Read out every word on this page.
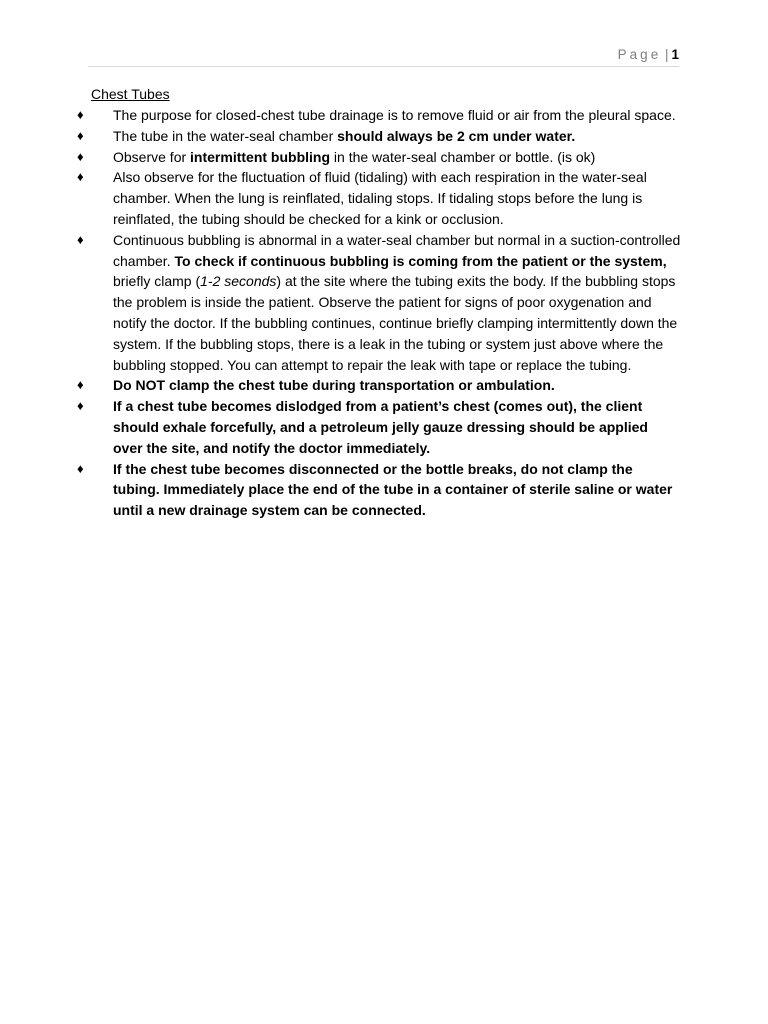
Page | 1
Chest Tubes
♦ The purpose for closed-chest tube drainage is to remove fluid or air from the pleural space.
♦ The tube in the water-seal chamber should always be 2 cm under water.
♦ Observe for intermittent bubbling in the water-seal chamber or bottle. (is ok)
♦ Also observe for the fluctuation of fluid (tidaling) with each respiration in the water-seal chamber. When the lung is reinflated, tidaling stops. If tidaling stops before the lung is reinflated, the tubing should be checked for a kink or occlusion.
♦ Continuous bubbling is abnormal in a water-seal chamber but normal in a suction-controlled chamber. To check if continuous bubbling is coming from the patient or the system, briefly clamp (1-2 seconds) at the site where the tubing exits the body. If the bubbling stops the problem is inside the patient. Observe the patient for signs of poor oxygenation and notify the doctor. If the bubbling continues, continue briefly clamping intermittently down the system. If the bubbling stops, there is a leak in the tubing or system just above where the bubbling stopped. You can attempt to repair the leak with tape or replace the tubing.
♦ Do NOT clamp the chest tube during transportation or ambulation.
♦ If a chest tube becomes dislodged from a patient’s chest (comes out), the client should exhale forcefully, and a petroleum jelly gauze dressing should be applied over the site, and notify the doctor immediately.
♦ If the chest tube becomes disconnected or the bottle breaks, do not clamp the tubing. Immediately place the end of the tube in a container of sterile saline or water until a new drainage system can be connected.
